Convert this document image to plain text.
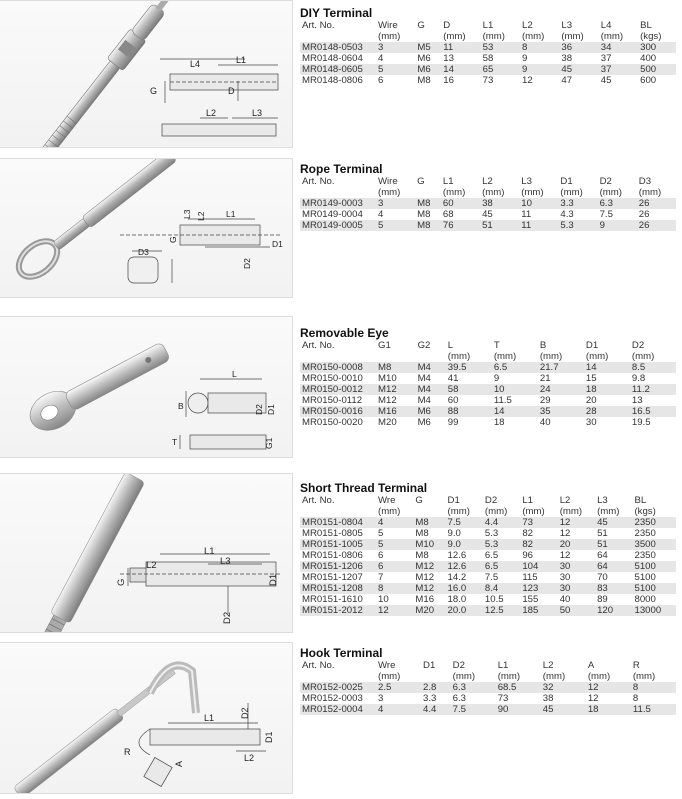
L4	L1
G	D
L2	L3
DIY Terminal
Art. No.	Wire	G	D	L1	L2	L3	L4	BL
	(mm)		(mm)	(mm)	(mm)	(mm)	(mm)	(kgs)
MR0148-0503	3	M5	11	53	8	36	34	300
MR0148-0604	4	M6	13	58	9	38	37	400
MR0148-0605	5	M6	14	65	9	45	37	500
MR0148-0806	6	M8	16	73	12	47	45	600
L3	L1
L2
G	D1
D3
D2
Rope Terminal
Art. No.	Wire	G	L1	L2	L3	D1	D2	D3
	(mm)		(mm)	(mm)	(mm)	(mm)	(mm)	(mm)
MR0149-0003	3	M8	60	38	10	3.3	6.3	26
MR0149-0004	4	M8	68	45	11	4.3	7.5	26
MR0149-0005	5	M8	76	51	11	5.3	9	26
L
B	D2 D1
T	G1
Removable Eye
Art. No.	G1	G2	L	T	B	D1	D2
			(mm)	(mm)	(mm)	(mm)	(mm)
MR0150-0008	M8	M4	39.5	6.5	21.7	14	8.5
MR0150-0010	M10	M4	41	9	21	15	9.8
MR0150-0012	M12	M4	58	10	24	18	11.2
MR0150-0112	M12	M4	60	11.5	29	20	13
MR0150-0016	M16	M6	88	14	35	28	16.5
MR0150-0020	M20	M6	99	18	40	30	19.5
L1
L2	L3
G	D1
D2
Short Thread Terminal
Art. No.	Wre	G	D1	D2	L1	L2	L3	BL
	(mm)		(mm)	(mm)	(mm)	(mm)	(mm)	(kgs)
MR0151-0804	4	M8	7.5	4.4	73	12	45	2350
MR0151-0805	5	M8	9.0	5.3	82	12	51	2350
MR0151-1005	5	M10	9.0	5.3	82	20	51	3500
MR0151-0806	6	M8	12.6	6.5	96	12	64	2350
MR0151-1206	6	M12	12.6	6.5	104	30	64	5100
MR0151-1207	7	M12	14.2	7.5	115	30	70	5100
MR0151-1208	8	M12	16.0	8.4	123	30	83	5100
MR0151-1610	10	M16	18.0	10.5	155	40	89	8000
MR0151-2012	12	M20	20.0	12.5	185	50	120	13000
L1	D2
L2
D1
R
A
Hook Terminal
Art. No.	Wre	D1	D2	L1	L2	A	R
	(mm)		(mm)	(mm)	(mm)	(mm)	(mm)
MR0152-0025	2.5	2.8	6.3	68.5	32	12	8
MR0152-0003	3	3.3	6.3	73	38	12	8
MR0152-0004	4	4.4	7.5	90	45	18	11.5
